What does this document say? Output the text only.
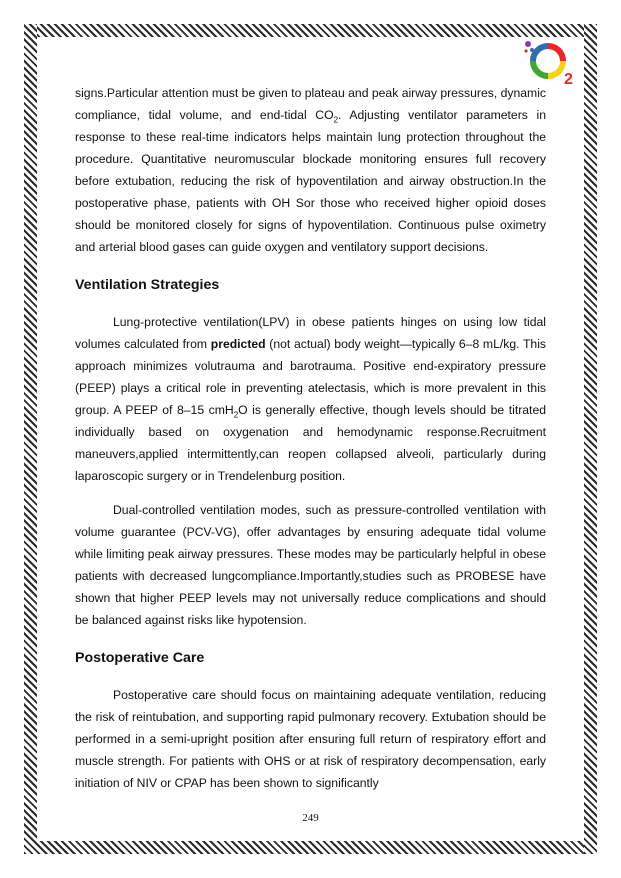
2

signs.Particular attention must be given to plateau and peak airway pressures, dynamic compliance, tidal volume, and end-tidal $CO_2$. Adjusting ventilator parameters in response to these real-time indicators helps maintain lung protection throughout the procedure. Quantitative neuromuscular blockade monitoring ensures full recovery before extubation, reducing the risk of hypoventilation and airway obstruction.In the postoperative phase, patients with OH Sor those who received higher opioid doses should be monitored closely for signs of hypoventilation. Continuous pulse oximetry and arterial blood gases can guide oxygen and ventilatory support decisions.

Ventilation Strategies

Lung-protective ventilation(LPV) in obese patients hinges on using low tidal volumes calculated from predicted (not actual) body weight—typically 6–8 mL/kg. This approach minimizes volutrauma and barotrauma. Positive end-expiratory pressure (PEEP) plays a critical role in preventing atelectasis, which is more prevalent in this group. A PEEP of 8–15 cmH$_2$O is generally effective, though levels should be titrated individually based on oxygenation and hemodynamic response.Recruitment maneuvers,applied intermittently,can reopen collapsed alveoli, particularly during laparoscopic surgery or in Trendelenburg position.

Dual-controlled ventilation modes, such as pressure-controlled ventilation with volume guarantee (PCV-VG), offer advantages by ensuring adequate tidal volume while limiting peak airway pressures. These modes may be particularly helpful in obese patients with decreased lungcompliance.Importantly,studies such as PROBESE have shown that higher PEEP levels may not universally reduce complications and should be balanced against risks like hypotension.

Postoperative Care

Postoperative care should focus on maintaining adequate ventilation, reducing the risk of reintubation, and supporting rapid pulmonary recovery. Extubation should be performed in a semi-upright position after ensuring full return of respiratory effort and muscle strength. For patients with OHS or at risk of respiratory decompensation, early initiation of NIV or CPAP has been shown to significantly

249
